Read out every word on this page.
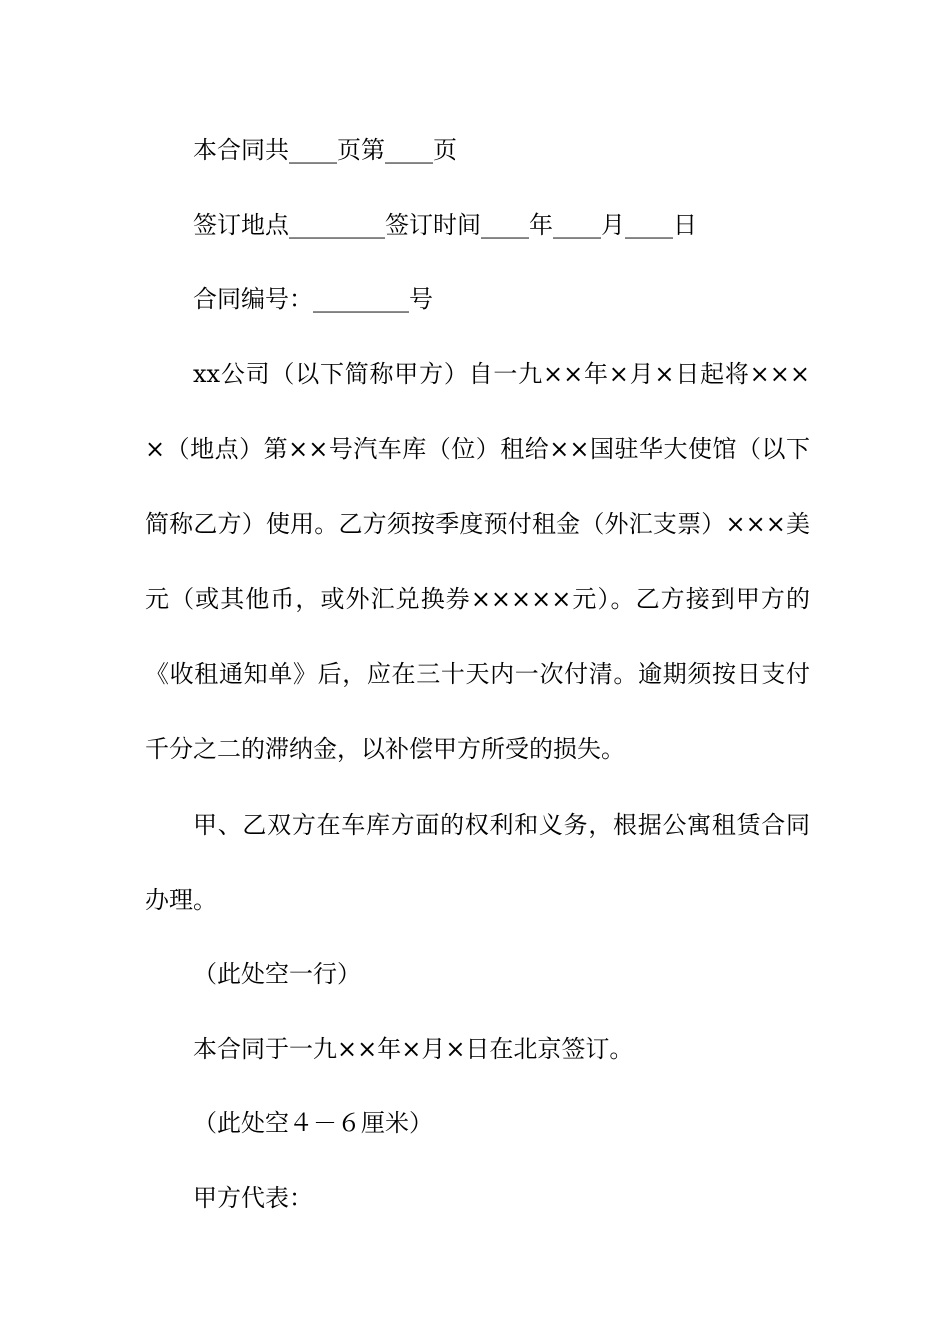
本合同共____页第____页

签订地点________签订时间____年____月____日

合同编号：________号

xx公司（以下简称甲方）自一九××年×月×日起将××××（地点）第××号汽车库（位）租给××国驻华大使馆（以下简称乙方）使用。乙方须按季度预付租金（外汇支票）×××美元（或其他币，或外汇兑换券×××××元）。乙方接到甲方的《收租通知单》后，应在三十天内一次付清。逾期须按日支付千分之二的滞纳金，以补偿甲方所受的损失。

甲、乙双方在车库方面的权利和义务，根据公寓租赁合同办理。

（此处空一行）

本合同于一九××年×月×日在北京签订。

（此处空４－６厘米）

甲方代表：
